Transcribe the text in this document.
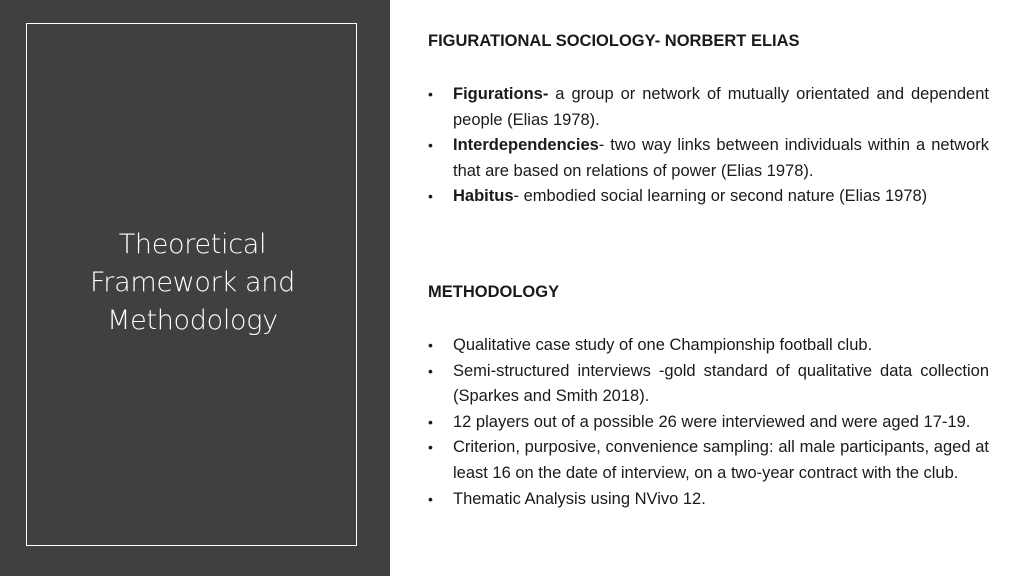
Theoretical
Framework and
Methodology
FIGURATIONAL SOCIOLOGY- NORBERT ELIAS
• Figurations- a group or network of mutually orientated and dependent people (Elias 1978).
• Interdependencies- two way links between individuals within a network that are based on relations of power (Elias 1978).
• Habitus- embodied social learning or second nature (Elias 1978)
METHODOLOGY
• Qualitative case study of one Championship football club.
• Semi-structured interviews -gold standard of qualitative data collection (Sparkes and Smith 2018).
• 12 players out of a possible 26 were interviewed and were aged 17-19.
• Criterion, purposive, convenience sampling: all male participants, aged at least 16 on the date of interview, on a two-year contract with the club.
• Thematic Analysis using NVivo 12.
